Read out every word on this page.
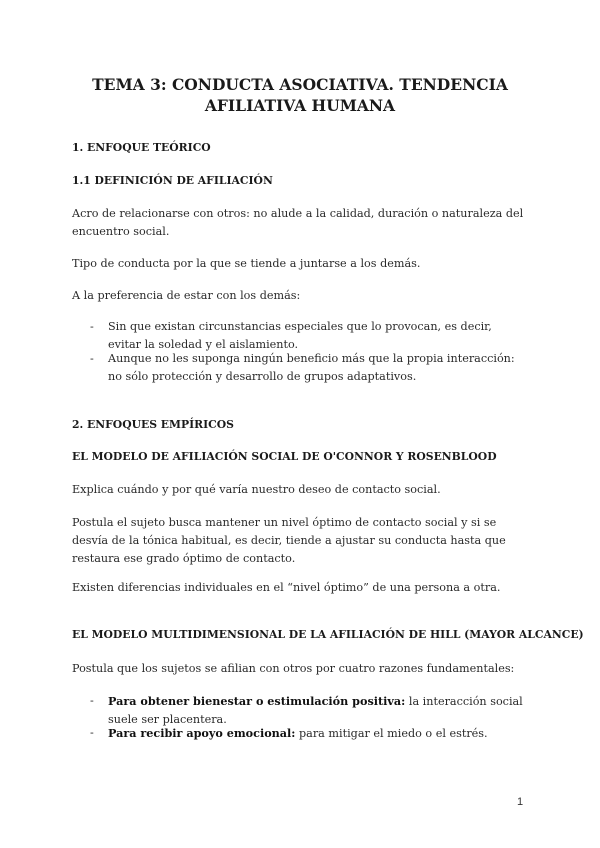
TEMA 3: CONDUCTA ASOCIATIVA. TENDENCIA AFILIATIVA HUMANA
1. ENFOQUE TEÓRICO
1.1 DEFINICIÓN DE AFILIACIÓN
Acro de relacionarse con otros: no alude a la calidad, duración o naturaleza del encuentro social.
Tipo de conducta por la que se tiende a juntarse a los demás.
A la preferencia de estar con los demás:
- Sin que existan circunstancias especiales que lo provocan, es decir, evitar la soledad y el aislamiento.
- Aunque no les suponga ningún beneficio más que la propia interacción: no sólo protección y desarrollo de grupos adaptativos.
2. ENFOQUES EMPÍRICOS
EL MODELO DE AFILIACIÓN SOCIAL DE O'CONNOR Y ROSENBLOOD
Explica cuándo y por qué varía nuestro deseo de contacto social.
Postula el sujeto busca mantener un nivel óptimo de contacto social y si se desvía de la tónica habitual, es decir, tiende a ajustar su conducta hasta que restaura ese grado óptimo de contacto.
Existen diferencias individuales en el “nivel óptimo” de una persona a otra.
EL MODELO MULTIDIMENSIONAL DE LA AFILIACIÓN DE HILL (MAYOR ALCANCE)
Postula que los sujetos se afilian con otros por cuatro razones fundamentales:
- Para obtener bienestar o estimulación positiva: la interacción social suele ser placentera.
- Para recibir apoyo emocional: para mitigar el miedo o el estrés.
1
